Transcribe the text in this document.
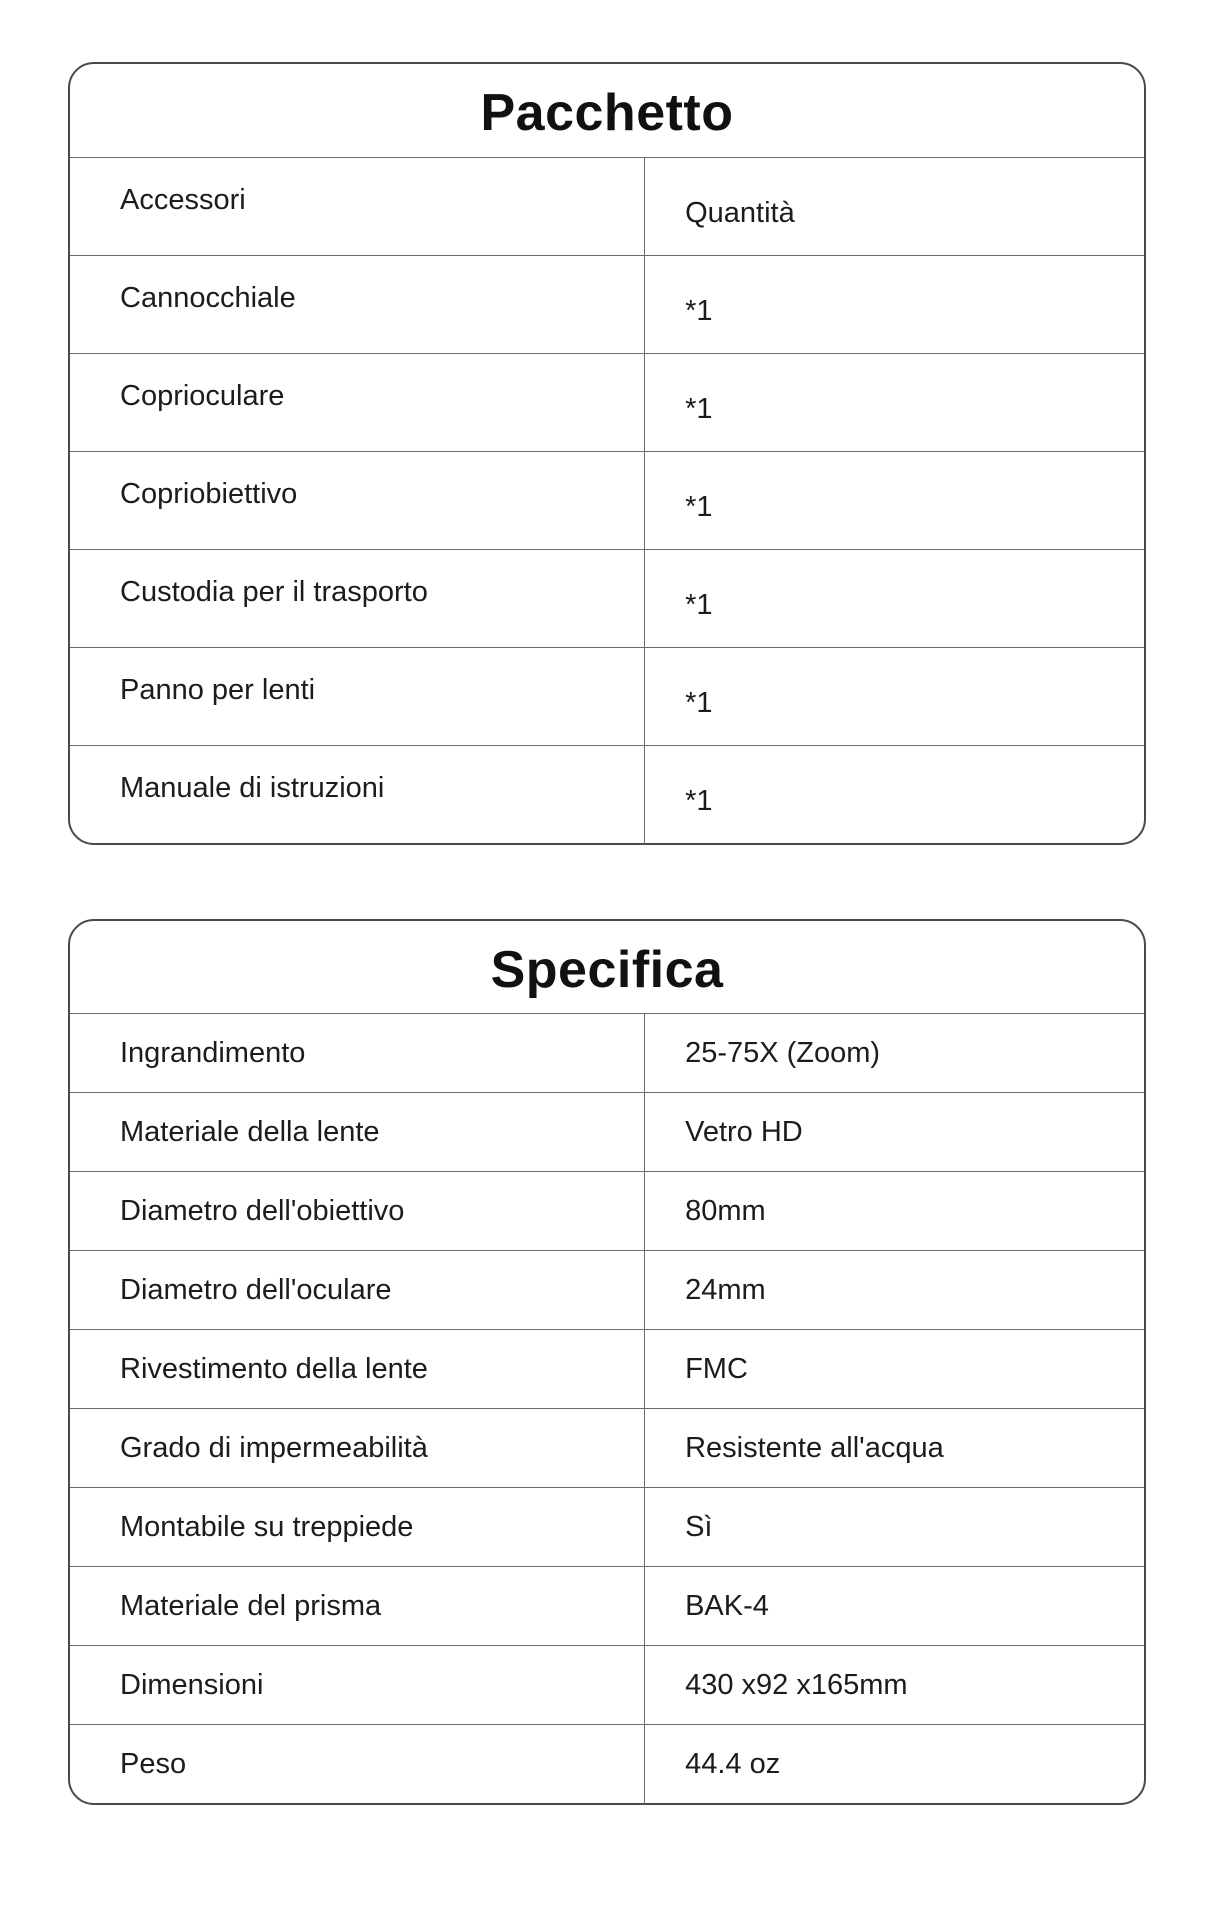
Pacchetto
Accessori	Quantità
Cannocchiale	*1
Coprioculare	*1
Copriobiettivo	*1
Custodia per il trasporto	*1
Panno per lenti	*1
Manuale di istruzioni	*1
Specifica
Ingrandimento	25-75X (Zoom)
Materiale della lente	Vetro HD
Diametro dell'obiettivo	80mm
Diametro dell'oculare	24mm
Rivestimento della lente	FMC
Grado di impermeabilità	Resistente all'acqua
Montabile su treppiede	Sì
Materiale del prisma	BAK-4
Dimensioni	430 x92 x165mm
Peso	44.4 oz
